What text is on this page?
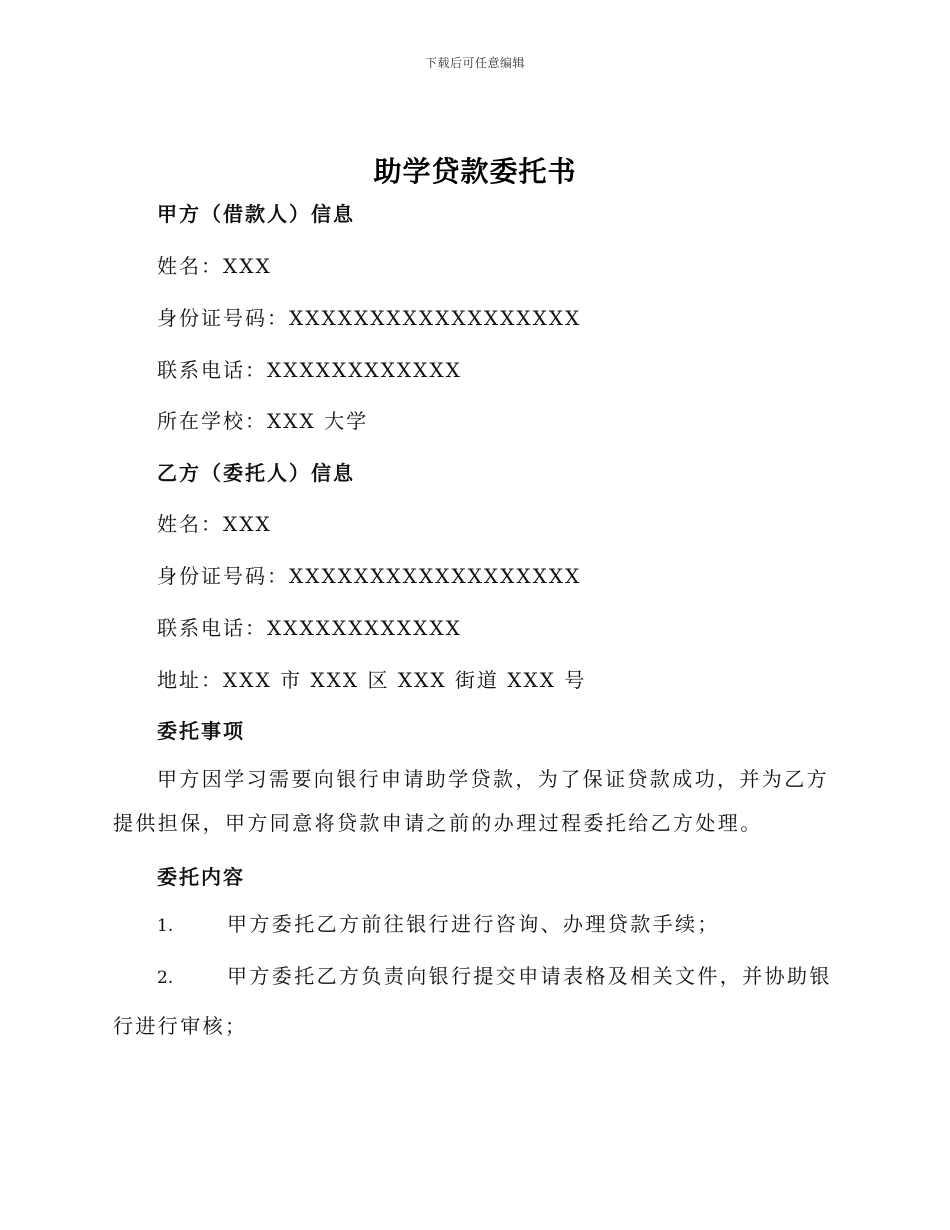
下载后可任意编辑
助学贷款委托书
甲方（借款人）信息
姓名：XXX
身份证号码：XXXXXXXXXXXXXXXXXX
联系电话：XXXXXXXXXXXX
所在学校：XXX 大学
乙方（委托人）信息
姓名：XXX
身份证号码：XXXXXXXXXXXXXXXXXX
联系电话：XXXXXXXXXXXX
地址：XXX 市 XXX 区 XXX 街道 XXX 号
委托事项
甲方因学习需要向银行申请助学贷款，为了保证贷款成功，并为乙方提供担保，甲方同意将贷款申请之前的办理过程委托给乙方处理。
委托内容
1.	甲方委托乙方前往银行进行咨询、办理贷款手续；
2.	甲方委托乙方负责向银行提交申请表格及相关文件，并协助银行进行审核；
